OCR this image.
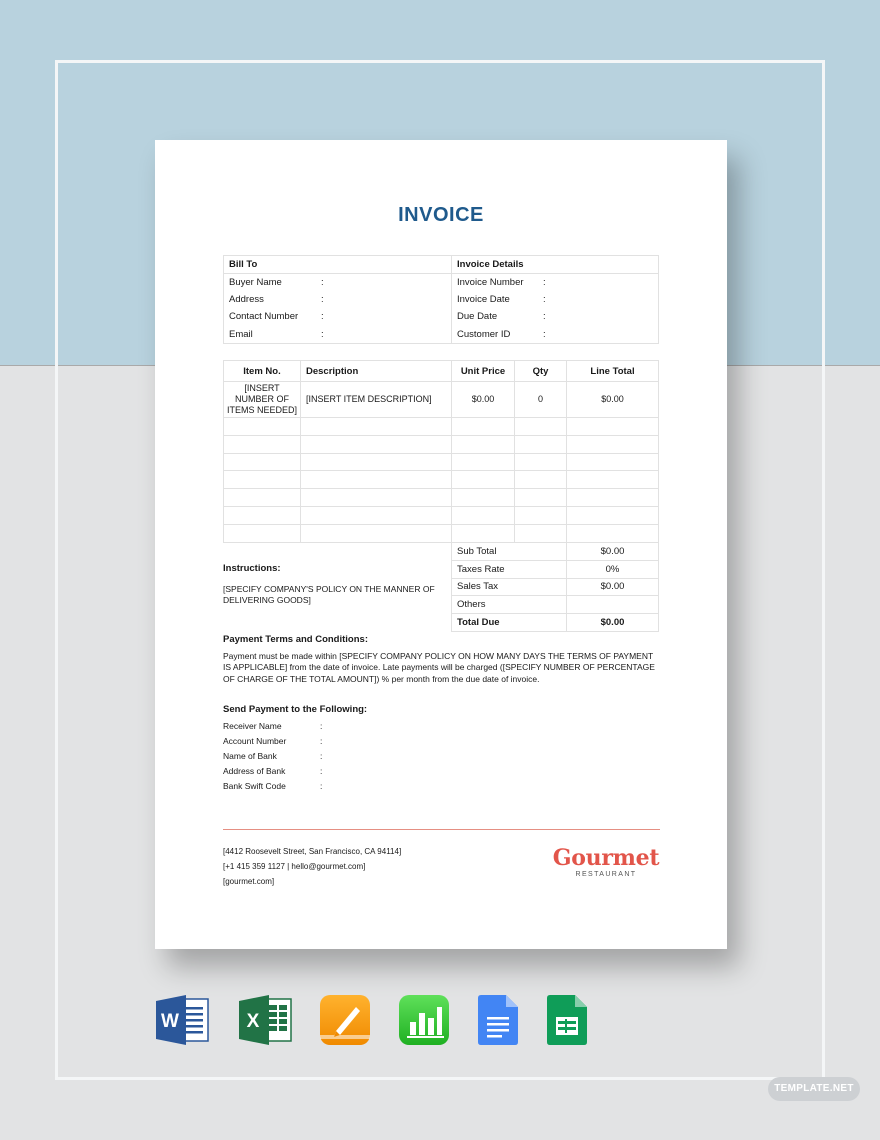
INVOICE
Bill To	Invoice Details

Buyer Name :	Invoice Number :

Address :	Invoice Date :

Contact Number :	Due Date :

Email :	Customer ID :
Item No.	Description	Unit Price	Qty	Line Total
[INSERT NUMBER OF ITEMS NEEDED]	[INSERT ITEM DESCRIPTION]	$0.00	0	$0.00

Sub Total	$0.00
Taxes Rate	0%
Sales Tax	$0.00
Others	
Total Due	$0.00
Instructions:
[SPECIFY COMPANY'S POLICY ON THE MANNER OF DELIVERING GOODS]
Payment Terms and Conditions:
Payment must be made within [SPECIFY COMPANY POLICY ON HOW MANY DAYS THE TERMS OF PAYMENT IS APPLICABLE] from the date of invoice. Late payments will be charged ([SPECIFY NUMBER OF PERCENTAGE OF CHARGE OF THE TOTAL AMOUNT]) % per month from the due date of invoice.
Send Payment to the Following:
Receiver Name	:
Account Number	:
Name of Bank	:
Address of Bank	:
Bank Swift Code	:
[4412 Roosevelt Street, San Francisco, CA 94114]
[+1 415 359 1127 | hello@gourmet.com]
[gourmet.com]
Gourmet
RESTAURANT
W	X
TEMPLATE.NET
